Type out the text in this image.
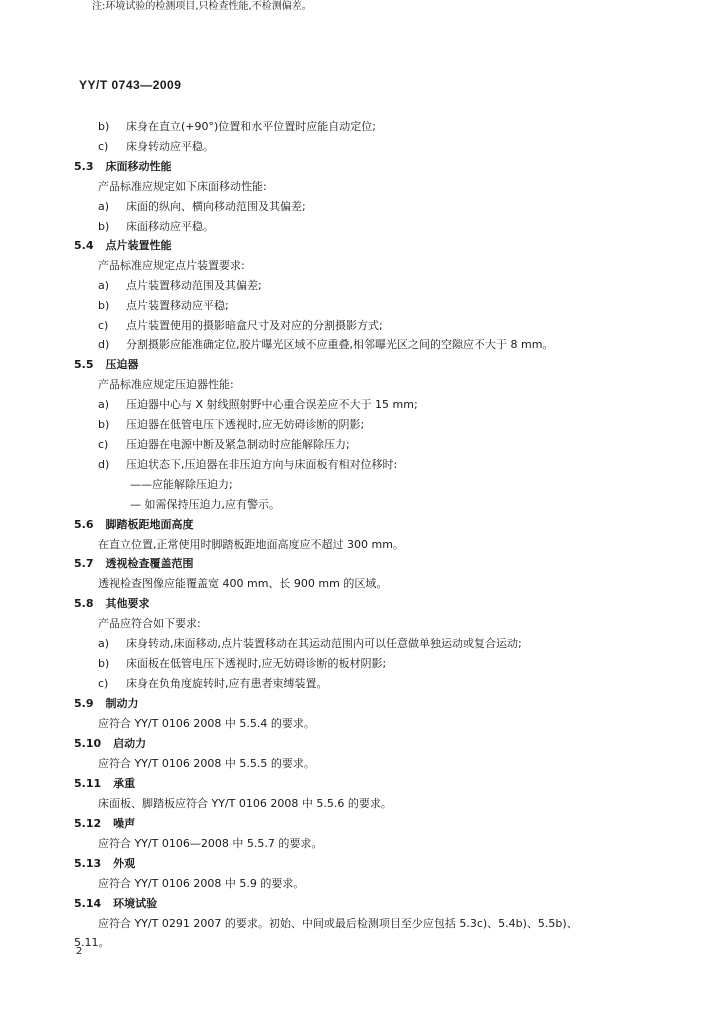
YY/T 0743—2009
b) 床身在直立(+90°)位置和水平位置时应能自动定位;
c) 床身转动应平稳。
5.3 床面移动性能
产品标准应规定如下床面移动性能:
a) 床面的纵向、横向移动范围及其偏差;
b) 床面移动应平稳。
5.4 点片装置性能
产品标准应规定点片装置要求:
a) 点片装置移动范围及其偏差;
b) 点片装置移动应平稳;
c) 点片装置使用的摄影暗盒尺寸及对应的分割摄影方式;
d) 分割摄影应能准确定位,胶片曝光区域不应重叠,相邻曝光区之间的空隙应不大于 8 mm。
5.5 压迫器
产品标准应规定压迫器性能:
a) 压迫器中心与 X 射线照射野中心重合误差应不大于 15 mm;
b) 压迫器在低管电压下透视时,应无妨碍诊断的阴影;
c) 压迫器在电源中断及紧急制动时应能解除压力;
d) 压迫状态下,压迫器在非压迫方向与床面板有相对位移时:
——应能解除压迫力;
— 如需保持压迫力,应有警示。
5.6 脚踏板距地面高度
在直立位置,正常使用时脚踏板距地面高度应不超过 300 mm。
5.7 透视检查覆盖范围
透视检查图像应能覆盖宽 400 mm、长 900 mm 的区域。
5.8 其他要求
产品应符合如下要求:
a) 床身转动,床面移动,点片装置移动在其运动范围内可以任意做单独运动或复合运动;
b) 床面板在低管电压下透视时,应无妨碍诊断的板材阴影;
c) 床身在负角度旋转时,应有患者束缚装置。
5.9 制动力
应符合 YY/T 0106 2008 中 5.5.4 的要求。
5.10 启动力
应符合 YY/T 0106 2008 中 5.5.5 的要求。
5.11 承重
床面板、脚踏板应符合 YY/T 0106 2008 中 5.5.6 的要求。
5.12 噪声
应符合 YY/T 0106—2008 中 5.5.7 的要求。
5.13 外观
应符合 YY/T 0106 2008 中 5.9 的要求。
5.14 环境试验
应符合 YY/T 0291 2007 的要求。初始、中间或最后检测项目至少应包括 5.3c)、5.4b)、5.5b)、
5.11。
注:环境试验的检测项目,只检查性能,不检测偏差。
2
